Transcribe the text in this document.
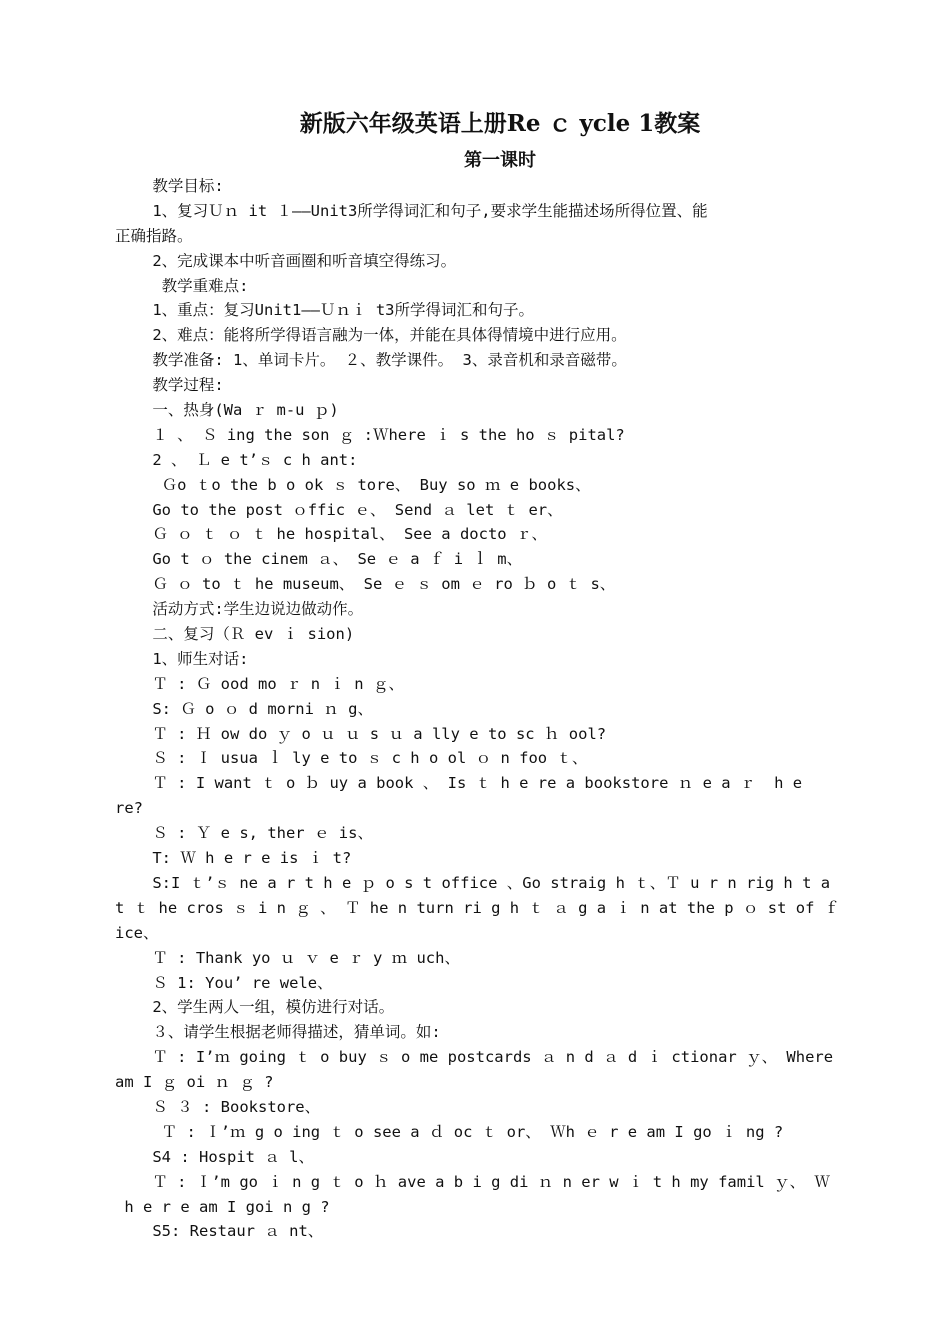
新版六年级英语上册Re ｃ ycle 1教案
第一课时
教学目标:
1、复习Ｕｎ it １——Unit3所学得词汇和句子,要求学生能描述场所得位置、能
正确指路。
2、完成课本中听音画圈和听音填空得练习。
教学重难点:
1、重点：复习Unit1——Ｕｎｉ t3所学得词汇和句子。
2、难点：能将所学得语言融为一体，并能在具体得情境中进行应用。
教学准备: 1、单词卡片。 ２、教学课件。 3、录音机和录音磁带。
教学过程:
一、热身(Wa ｒ m-u ｐ)
１ 、 Ｓ ing the son ｇ :Ｗhere ｉ s the ho ｓ pital?
2 、 Ｌ e t’ｓ c h ant:
Ｇo ｔo the b o ok ｓ tore、 Buy so ｍ e books、
Go to the post ｏffic ｅ、 Send ａ let ｔ er、
Ｇ ｏ ｔ ｏ ｔ he hospital、 See a docto ｒ、
Go t ｏ the cinem ａ、 Se ｅ a ｆ i ｌ m、
Ｇ ｏ to ｔ he museum、 Se ｅ ｓ om ｅ ro ｂ o ｔ s、
活动方式:学生边说边做动作。
二、复习（Ｒ ev ｉ sion)
1、师生对话:
Ｔ : Ｇ ood mo ｒ n ｉ n ｇ、
S: Ｇ o ｏ d morni ｎ g、
Ｔ : Ｈ ow do ｙ o ｕ ｕ s ｕ a lly e to sc ｈ ool?
Ｓ : Ｉ usua ｌ ly e to ｓ c h o ol ｏ n foo ｔ、
Ｔ : I want ｔ o ｂ uy a book 、 Is ｔ h e re a bookstore ｎ e a ｒ  h e
re?
Ｓ : Ｙ e s, ther ｅ is、
T: Ｗ h e r e is ｉ t?
S:I ｔ’ｓ ne a r t h e ｐ o s t office 、Go straig h ｔ、Ｔ u r n rig h t a
t ｔ he cros ｓ i n ｇ 、 Ｔ he n turn ri g h ｔ ａ g a ｉ n at the p ｏ st of ｆ
ice、
Ｔ : Thank yo ｕ ｖ e ｒ y ｍ uch、
Ｓ 1: You’ re wele、
2、学生两人一组，模仿进行对话。
３、请学生根据老师得描述，猜单词。如:
Ｔ : I’ｍ going ｔ o buy ｓ o me postcards ａ n d ａ d ｉ ctionar ｙ、 Where
am I ｇ oi ｎ ｇ ?
Ｓ ３ : Bookstore、
Ｔ : Ｉ’ｍ g o ing ｔ o see a ｄ oc ｔ or、 Ｗh ｅ r e am I go ｉ ng ?
S4 : Hospit ａ l、
Ｔ : Ｉ’m go ｉ n g ｔ o ｈ ave a b i g di ｎ n er w ｉ t h my famil ｙ、 Ｗ
h e r e am I goi n g ?
S5: Restaur ａ nt、
